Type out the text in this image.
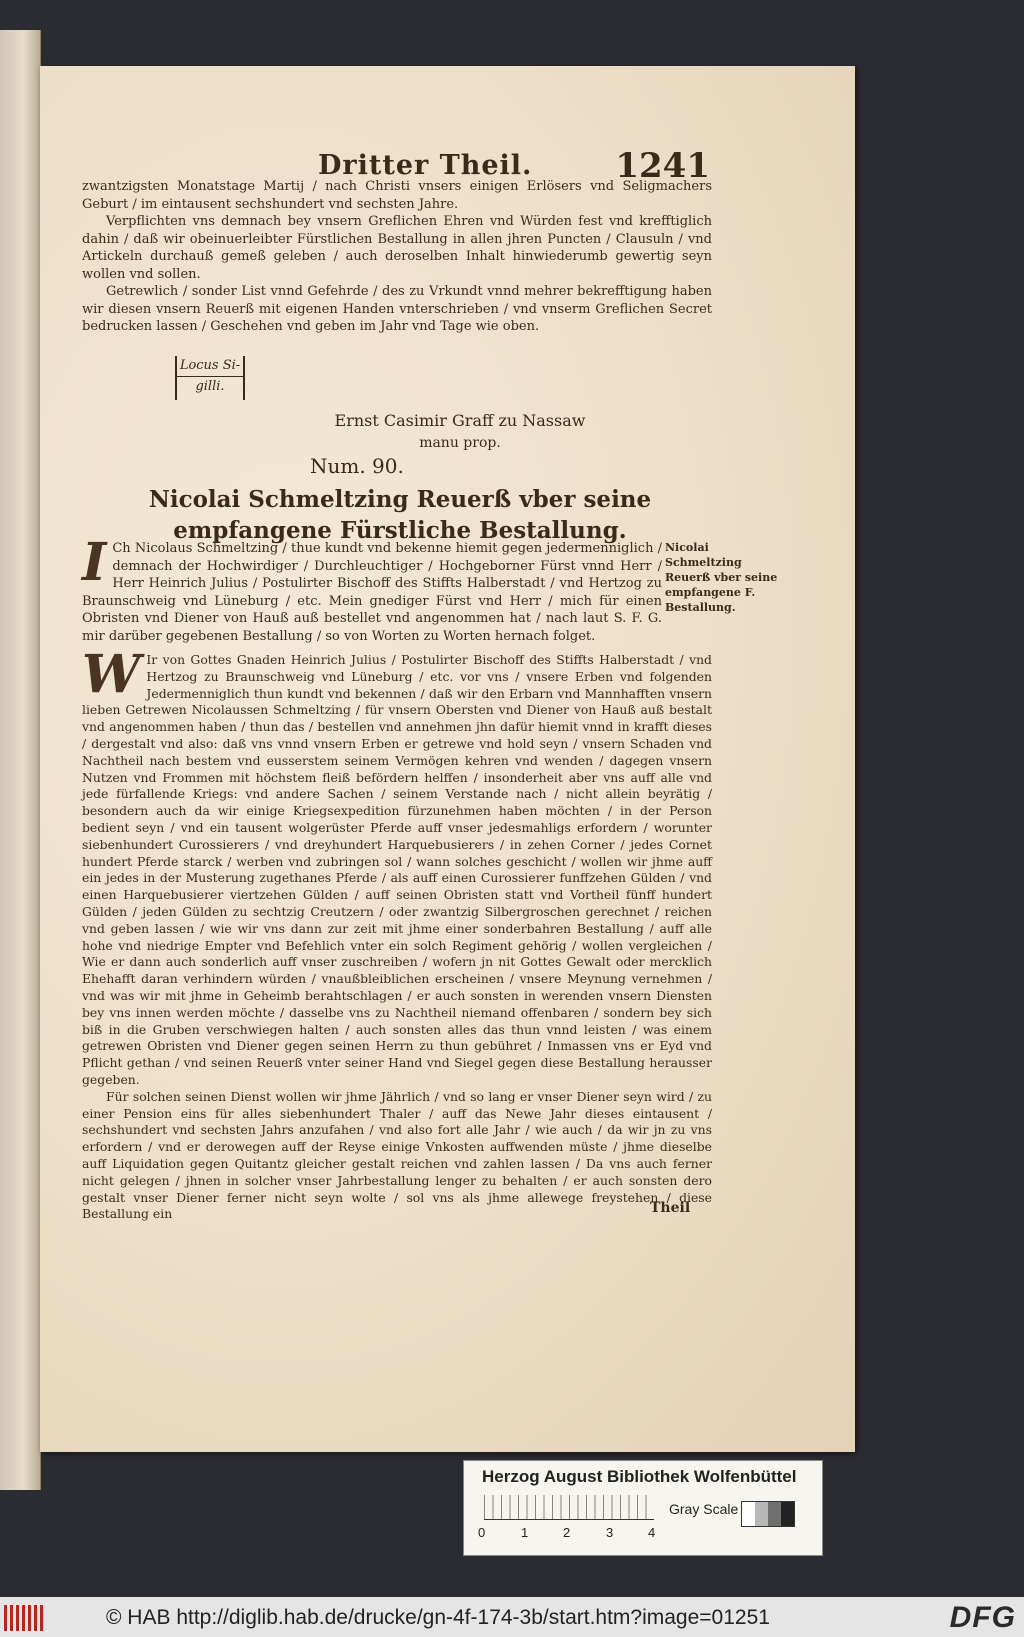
Dritter Theil. 1241

zwantzigsten Monatstage Martij / nach Christi vnsers einigen Erlösers vnd Seligmachers Geburt / im eintausent sechshundert vnd sechsten Jahre.

Verpflichten vns demnach bey vnsern Greflichen Ehren vnd Würden fest vnd krefftiglich dahin / daß wir obeinuerleibter Fürstlichen Bestallung in allen jhren Puncten / Clausuln / vnd Artickeln durchauß gemeß geleben / auch deroselben Inhalt hinwiederumb gewertig seyn wollen vnd sollen.

Getrewlich / sonder List vnnd Gefehrde / des zu Vrkundt vnnd mehrer bekrefftigung haben wir diesen vnsern Reuerß mit eigenen Handen vnterschrieben / vnd vnserm Greflichen Secret bedrucken lassen / Geschehen vnd geben im Jahr vnd Tage wie oben.

Locus Si-
gilli.
Ernst Casimir Graff zu Nassaw
manu prop.
Num. 90.
Nicolai Schmeltzing Reuerß vber seine empfangene Fürstliche Bestallung.

I Ch Nicolaus Schmeltzing / thue kundt vnd bekenne hiemit gegen jedermenniglich / demnach der Hochwirdiger / Durchleuchtiger / Hochgeborner Fürst vnnd Herr / Herr Heinrich Julius / Postulirter Bischoff des Stiffts Halberstadt / vnd Hertzog zu Braunschweig vnd Lüneburg / etc. Mein gnediger Fürst vnd Herr / mich für einen Obristen vnd Diener von Hauß auß bestellet vnd angenommen hat / nach laut S. F. G. mir darüber gegebenen Bestallung / so von Worten zu Worten hernach folget.

Nicolai Schmeltzing Reuerß vber seine empfangene F. Bestallung.

W Ir von Gottes Gnaden Heinrich Julius / Postulirter Bischoff des Stiffts Halberstadt / vnd Hertzog zu Braunschweig vnd Lüneburg / etc. vor vns / vnsere Erben vnd folgenden Jedermenniglich thun kundt vnd bekennen / daß wir den Erbarn vnd Mannhafften vnsern lieben Getrewen Nicolaussen Schmeltzing / für vnsern Obersten vnd Diener von Hauß auß bestalt vnd angenommen haben / thun das / bestellen vnd annehmen jhn dafür hiemit vnnd in krafft dieses / dergestalt vnd also: daß vns vnnd vnsern Erben er getrewe vnd hold seyn / vnsern Schaden vnd Nachtheil nach bestem vnd eusserstem seinem Vermögen kehren vnd wenden / dagegen vnsern Nutzen vnd Frommen mit höchstem fleiß befördern helffen / insonderheit aber vns auff alle vnd jede fürfallende Kriegs: vnd andere Sachen / seinem Verstande nach / nicht allein beyrätig / besondern auch da wir einige Kriegsexpedition fürzunehmen haben möchten / in der Person bedient seyn / vnd ein tausent wolgerüster Pferde auff vnser jedesmahligs erfordern / worunter siebenhundert Curossierers / vnd dreyhundert Harquebusierers / in zehen Corner / jedes Cornet hundert Pferde starck / werben vnd zubringen sol / wann solches geschicht / wollen wir jhme auff ein jedes in der Musterung zugethanes Pferde / als auff einen Curossierer funffzehen Gülden / vnd einen Harquebusierer viertzehen Gülden / auff seinen Obristen statt vnd Vortheil fünff hundert Gülden / jeden Gülden zu sechtzig Creutzern / oder zwantzig Silbergroschen gerechnet / reichen vnd geben lassen / wie wir vns dann zur zeit mit jhme einer sonderbahren Bestallung / auff alle hohe vnd niedrige Empter vnd Befehlich vnter ein solch Regiment gehörig / wollen vergleichen / Wie er dann auch sonderlich auff vnser zuschreiben / wofern jn nit Gottes Gewalt oder mercklich Ehehafft daran verhindern würden / vnaußbleiblichen erscheinen / vnsere Meynung vernehmen / vnd was wir mit jhme in Geheimb berahtschlagen / er auch sonsten in werenden vnsern Diensten bey vns innen werden möchte / dasselbe vns zu Nachtheil niemand offenbaren / sondern bey sich biß in die Gruben verschwiegen halten / auch sonsten alles das thun vnnd leisten / was einem getrewen Obristen vnd Diener gegen seinen Herrn zu thun gebühret / Inmassen vns er Eyd vnd Pflicht gethan / vnd seinen Reuerß vnter seiner Hand vnd Siegel gegen diese Bestallung herausser gegeben.

Für solchen seinen Dienst wollen wir jhme Jährlich / vnd so lang er vnser Diener seyn wird / zu einer Pension eins für alles siebenhundert Thaler / auff das Newe Jahr dieses eintausent / sechshundert vnd sechsten Jahrs anzufahen / vnd also fort alle Jahr / wie auch / da wir jn zu vns erfordern / vnd er derowegen auff der Reyse einige Vnkosten auffwenden müste / jhme dieselbe auff Liquidation gegen Quitantz gleicher gestalt reichen vnd zahlen lassen / Da vns auch ferner nicht gelegen / jhnen in solcher vnser Jahrbestallung lenger zu behalten / er auch sonsten dero gestalt vnser Diener ferner nicht seyn wolte / sol vns als jhme allewege freystehen / diese Bestallung ein	Theil
Herzog August Bibliothek Wolfenbüttel
0	1	2	3	4
Gray Scale
© HAB http://diglib.hab.de/drucke/gn-4f-174-3b/start.htm?image=01251	DFG
